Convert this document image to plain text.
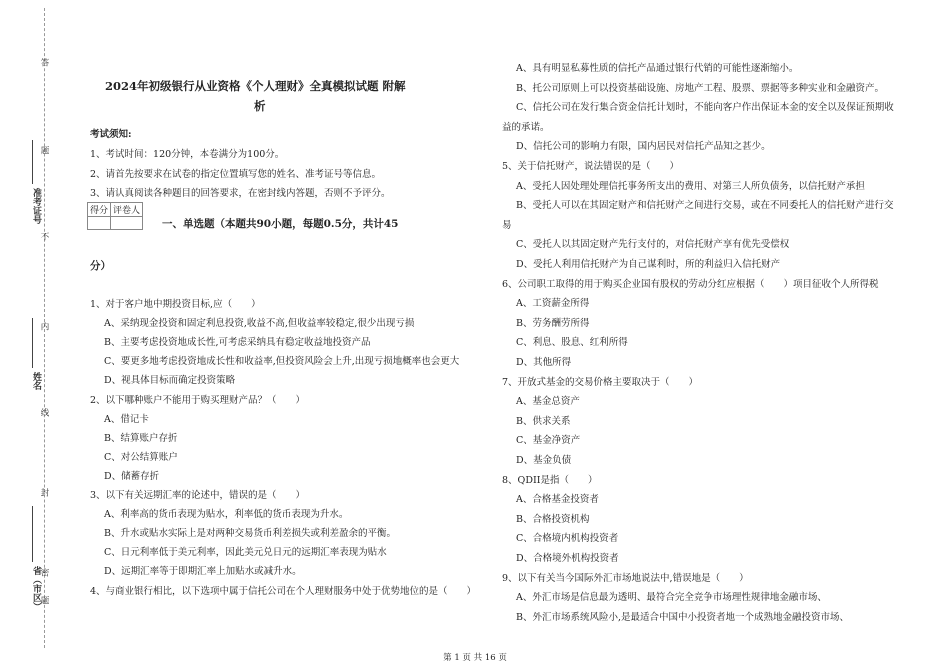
答
题
不
内
线
封
密
题
准考证号
姓名
省（市区）
2024年初级银行从业资格《个人理财》全真模拟试题 附解
析
考试须知:
1、考试时间：120分钟，本卷满分为100分。
2、请首先按要求在试卷的指定位置填写您的姓名、准考证号等信息。
3、请认真阅读各种题目的回答要求，在密封线内答题，否则不予评分。
得分	评卷人

一、单选题（本题共90小题，每题0.5分，共计45
分）
1、对于客户地中期投资目标,应（　　）
A、采纳现金投资和固定利息投资,收益不高,但收益率较稳定,很少出现亏损
B、主要考虑投资地成长性,可考虑采纳具有稳定收益地投资产品
C、要更多地考虑投资地成长性和收益率,但投资风险会上升,出现亏损地概率也会更大
D、视具体目标而确定投资策略
2、以下哪种账户不能用于购买理财产品？（　　）
A、借记卡
B、结算账户存折
C、对公结算账户
D、储蓄存折
3、以下有关远期汇率的论述中，错误的是（　　）
A、利率高的货币表现为贴水，利率低的货币表现为升水。
B、升水或贴水实际上是对两种交易货币利差损失或利差盈余的平衡。
C、日元利率低于美元利率，因此美元兑日元的远期汇率表现为贴水
D、远期汇率等于即期汇率上加贴水或减升水。
4、与商业银行相比，以下选项中属于信托公司在个人理财服务中处于优势地位的是（　　）
A、具有明显私募性质的信托产品通过银行代销的可能性逐渐缩小。
B、托公司原则上可以投资基础设施、房地产工程、股票、票据等多种实业和金融资产。
C、信托公司在发行集合资金信托计划时，不能向客户作出保证本金的安全以及保证预期收
益的承诺。
D、信托公司的影响力有限，国内居民对信托产品知之甚少。
5、关于信托财产，说法错误的是（　　）
A、受托人因处理处理信托事务所支出的费用、对第三人所负债务，以信托财产承担
B、受托人可以在其固定财产和信托财产之间进行交易，或在不同委托人的信托财产进行交
易
C、受托人以其固定财产先行支付的，对信托财产享有优先受偿权
D、受托人利用信托财产为自己谋利时，所的利益归入信托财产
6、公司职工取得的用于购买企业国有股权的劳动分红应根据（　　）项目征收个人所得税
A、工资薪金所得
B、劳务酬劳所得
C、利息、股息、红利所得
D、其他所得
7、开放式基金的交易价格主要取决于（　　）
A、基金总资产
B、供求关系
C、基金净资产
D、基金负债
8、QDII是指（　　）
A、合格基金投资者
B、合格投资机构
C、合格境内机构投资者
D、合格境外机构投资者
9、以下有关当今国际外汇市场地说法中,错误地是（　　）
A、外汇市场是信息最为透明、最符合完全竞争市场理性规律地金融市场、
B、外汇市场系统风险小,是最适合中国中小投资者地一个成熟地金融投资市场、
第 1 页 共 16 页
